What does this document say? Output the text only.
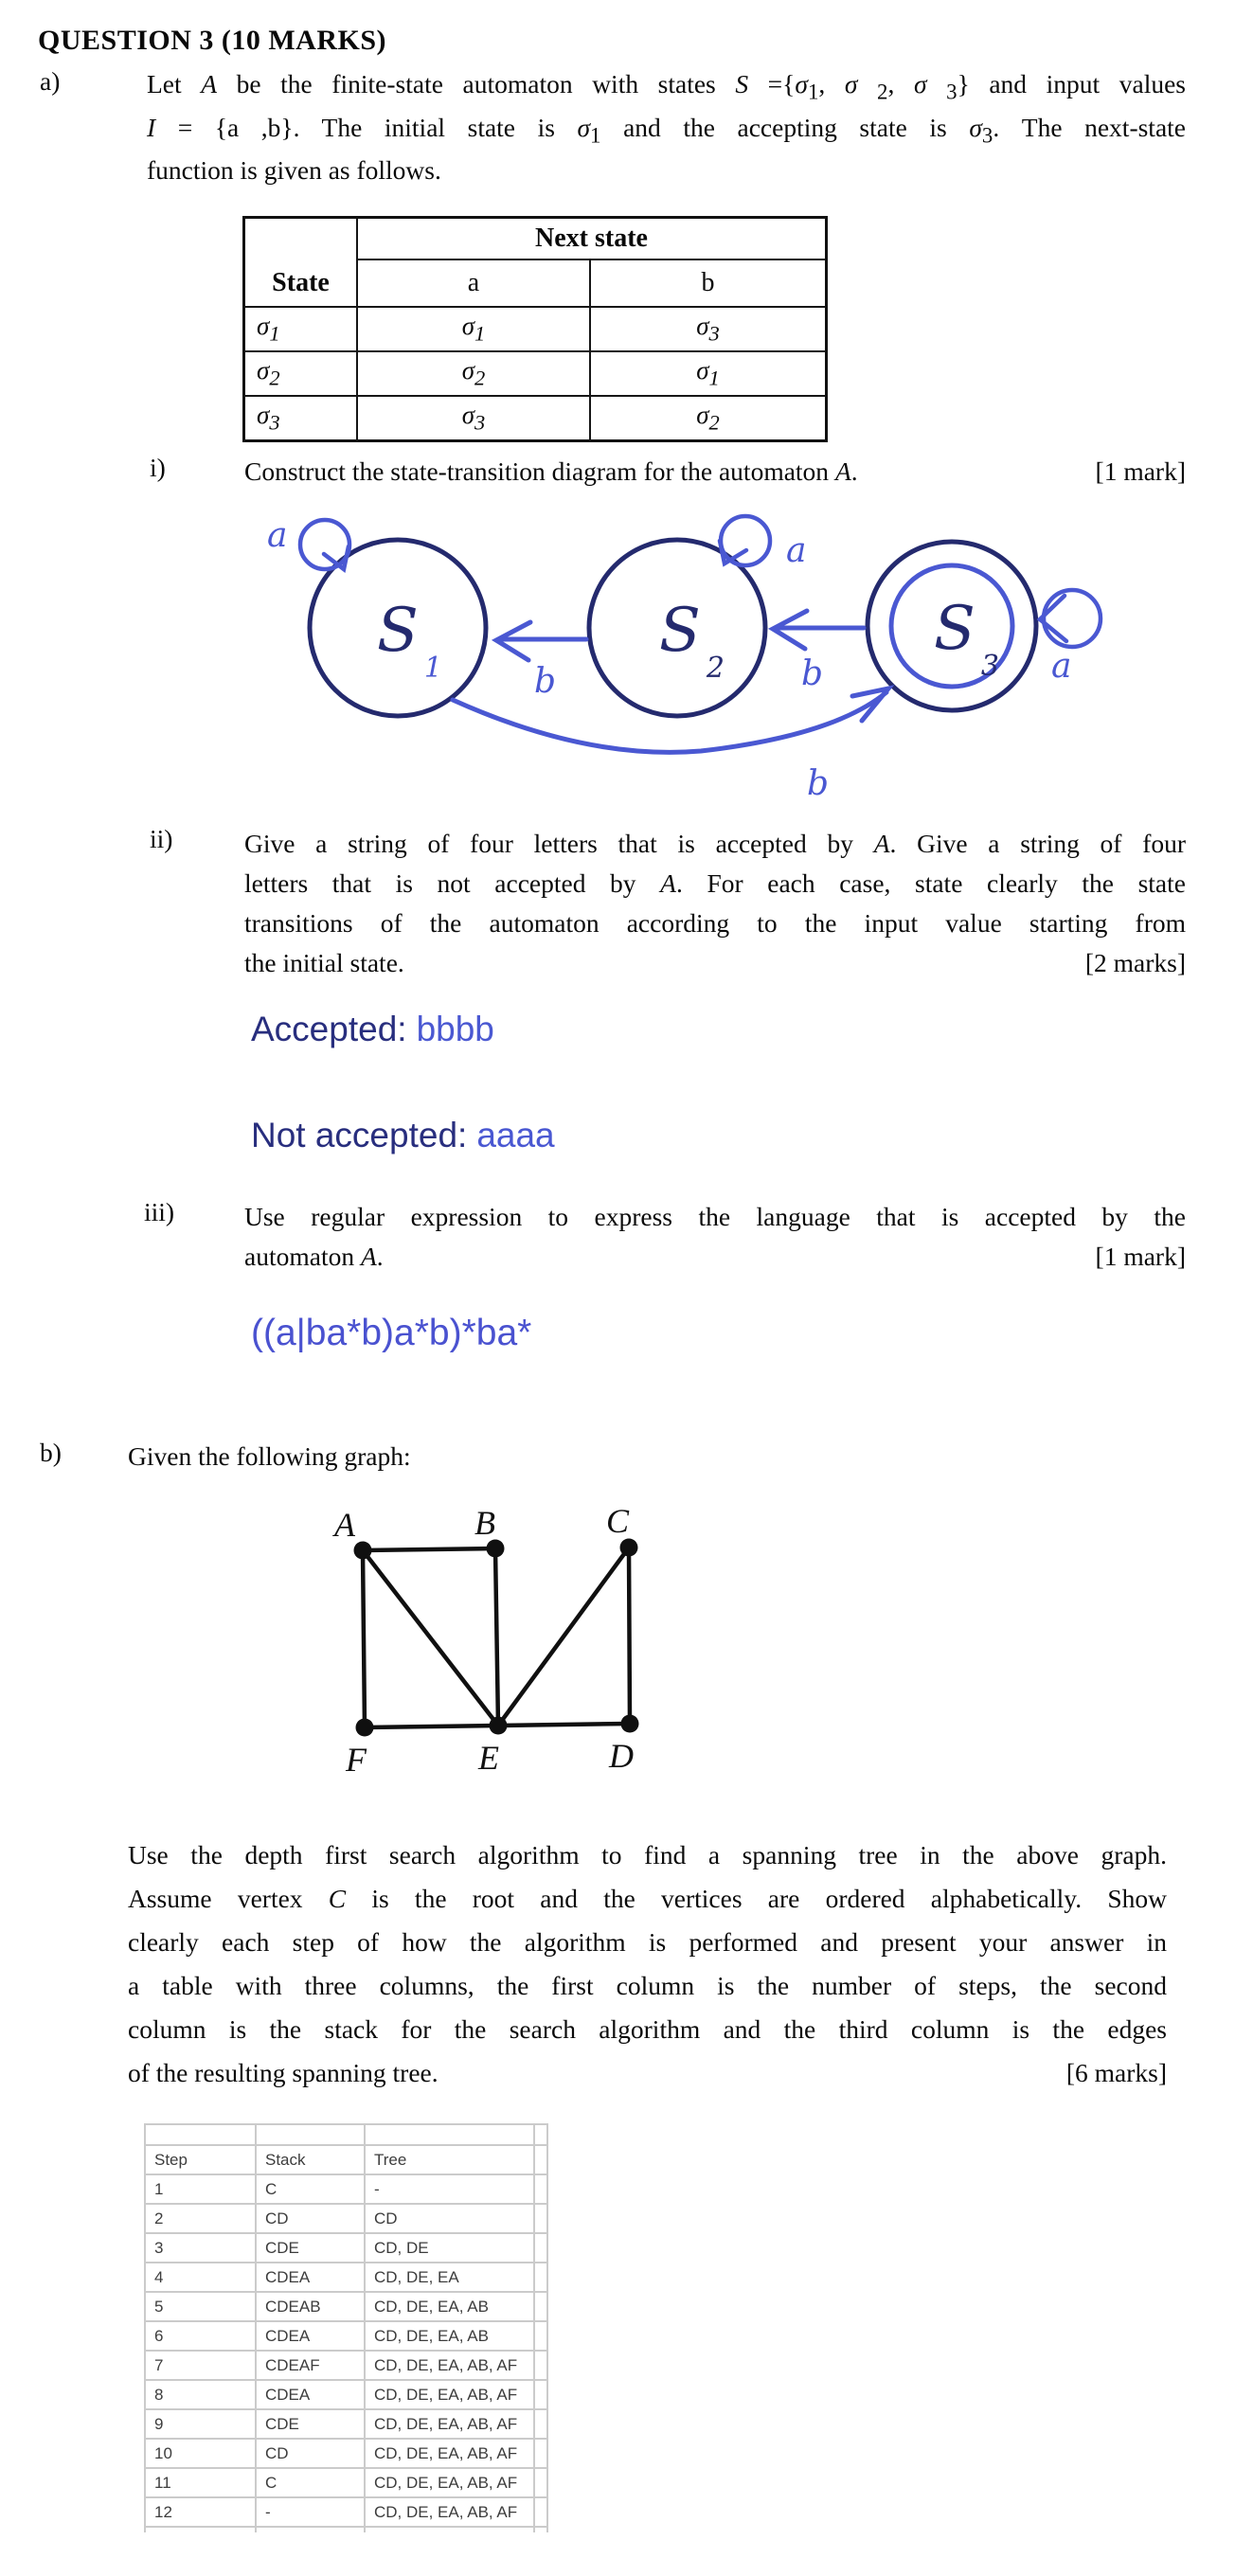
QUESTION 3 (10 MARKS)
a)	Let A be the finite-state automaton with states $S =\{\sigma_1$, σ $_2$, σ $_3$} and input values
I = {a ,b}. The initial state is $\sigma_1$ and the accepting state is $\sigma_3$. The next-state
function is given as follows.
State	Next state	
	a	b
$\sigma_1$	$\sigma_1$	$\sigma_3$
$\sigma_2$	$\sigma_2$	$\sigma_1$
$\sigma_3$	$\sigma_3$	$\sigma_2$
i)	Construct the state-transition diagram for the automaton A.	[1 mark]
$S_1$
$S_2$
$S_3$
a	a
a
b	b
b
ii)	Give a string of four letters that is accepted by A. Give a string of four
letters that is not accepted by A. For each case, state clearly the state
transitions of the automaton according to the input value starting from
the initial state.	[2 marks]
Accepted: bbbb
Not accepted: aaaa
iii)	Use regular expression to express the language that is accepted by the
automaton A.	[1 mark]
((a|ba*b)a*b)*ba*
b)	Given the following graph:
A	B	C
F	E	D
Use the depth first search algorithm to find a spanning tree in the above graph.
Assume vertex C is the root and the vertices are ordered alphabetically. Show
clearly each step of how the algorithm is performed and present your answer in
a table with three columns, the first column is the number of steps, the second
column is the stack for the search algorithm and the third column is the edges
of the resulting spanning tree.	[6 marks]

Step	Stack	Tree	
1	C	-	
2	CD	CD	
3	CDE	CD, DE	
4	CDEA	CD, DE, EA	
5	CDEAB	CD, DE, EA, AB	
6	CDEA	CD, DE, EA, AB	
7	CDEAF	CD, DE, EA, AB, AF	
8	CDEA	CD, DE, EA, AB, AF	
9	CDE	CD, DE, EA, AB, AF	
10	CD	CD, DE, EA, AB, AF	
11	C	CD, DE, EA, AB, AF	
12	-	CD, DE, EA, AB, AF	
